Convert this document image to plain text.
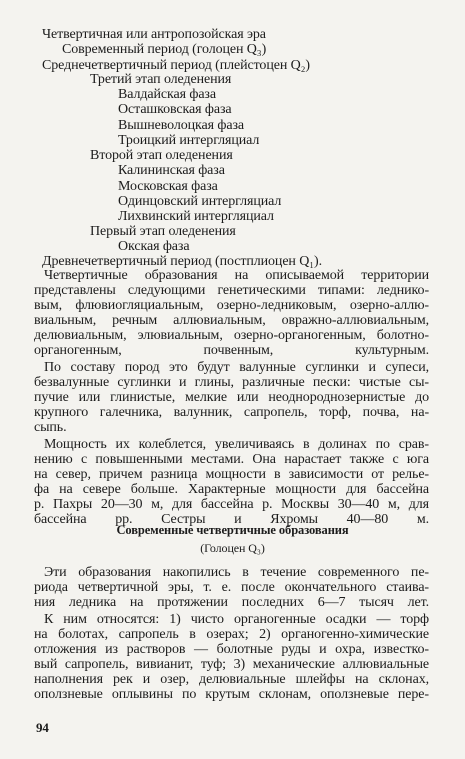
Четвертичная или антропозойская эра
Современный период (голоцен Q₃)
Среднечетвертичный период (плейстоцен Q₂)
Третий этап оледенения
Валдайская фаза
Осташковская фаза
Вышневолоцкая фаза
Троицкий интергляциал
Второй этап оледенения
Калининская фаза
Московская фаза
Одинцовский интергляциал
Лихвинский интергляциал
Первый этап оледенения
Окская фаза
Древнечетвертичный период (постплиоцен Q₁).
Четвертичные образования на описываемой территории
представлены следующими генетическими типами: леднико-
вым, флювиогляциальным, озерно-ледниковым, озерно-аллю-
виальным, речным аллювиальным, овражно-аллювиальным,
делювиальным, элювиальным, озерно-органогенным, болотно-
органогенным, почвенным, культурным.
По составу пород это будут валунные суглинки и супеси,
безвалунные суглинки и глины, различные пески: чистые сы-
пучие или глинистые, мелкие или неоднороднозернистые до
крупного галечника, валунник, сапропель, торф, почва, на-
сыпь.
Мощность их колеблется, увеличиваясь в долинах по срав-
нению с повышенными местами. Она нарастает также с юга
на север, причем разница мощности в зависимости от релье-
фа на севере больше. Характерные мощности для бассейна
р. Пахры 20—30 м, для бассейна р. Москвы 30—40 м, для
бассейна рр. Сестры и Яхромы 40—80 м.
Современные четвертичные образования
(Голоцен Q₃)
Эти образования накопились в течение современного пе-
риода четвертичной эры, т. е. после окончательного стаива-
ния ледника на протяжении последних 6—7 тысяч лет.
К ним относятся: 1) чисто органогенные осадки — торф
на болотах, сапропель в озерах; 2) органогенно-химические
отложения из растворов — болотные руды и охра, известко-
вый сапропель, вивианит, туф; 3) механические аллювиальные
наполнения рек и озер, делювиальные шлейфы на склонах,
оползневые оплывины по крутым склонам, оползневые пере-
94
